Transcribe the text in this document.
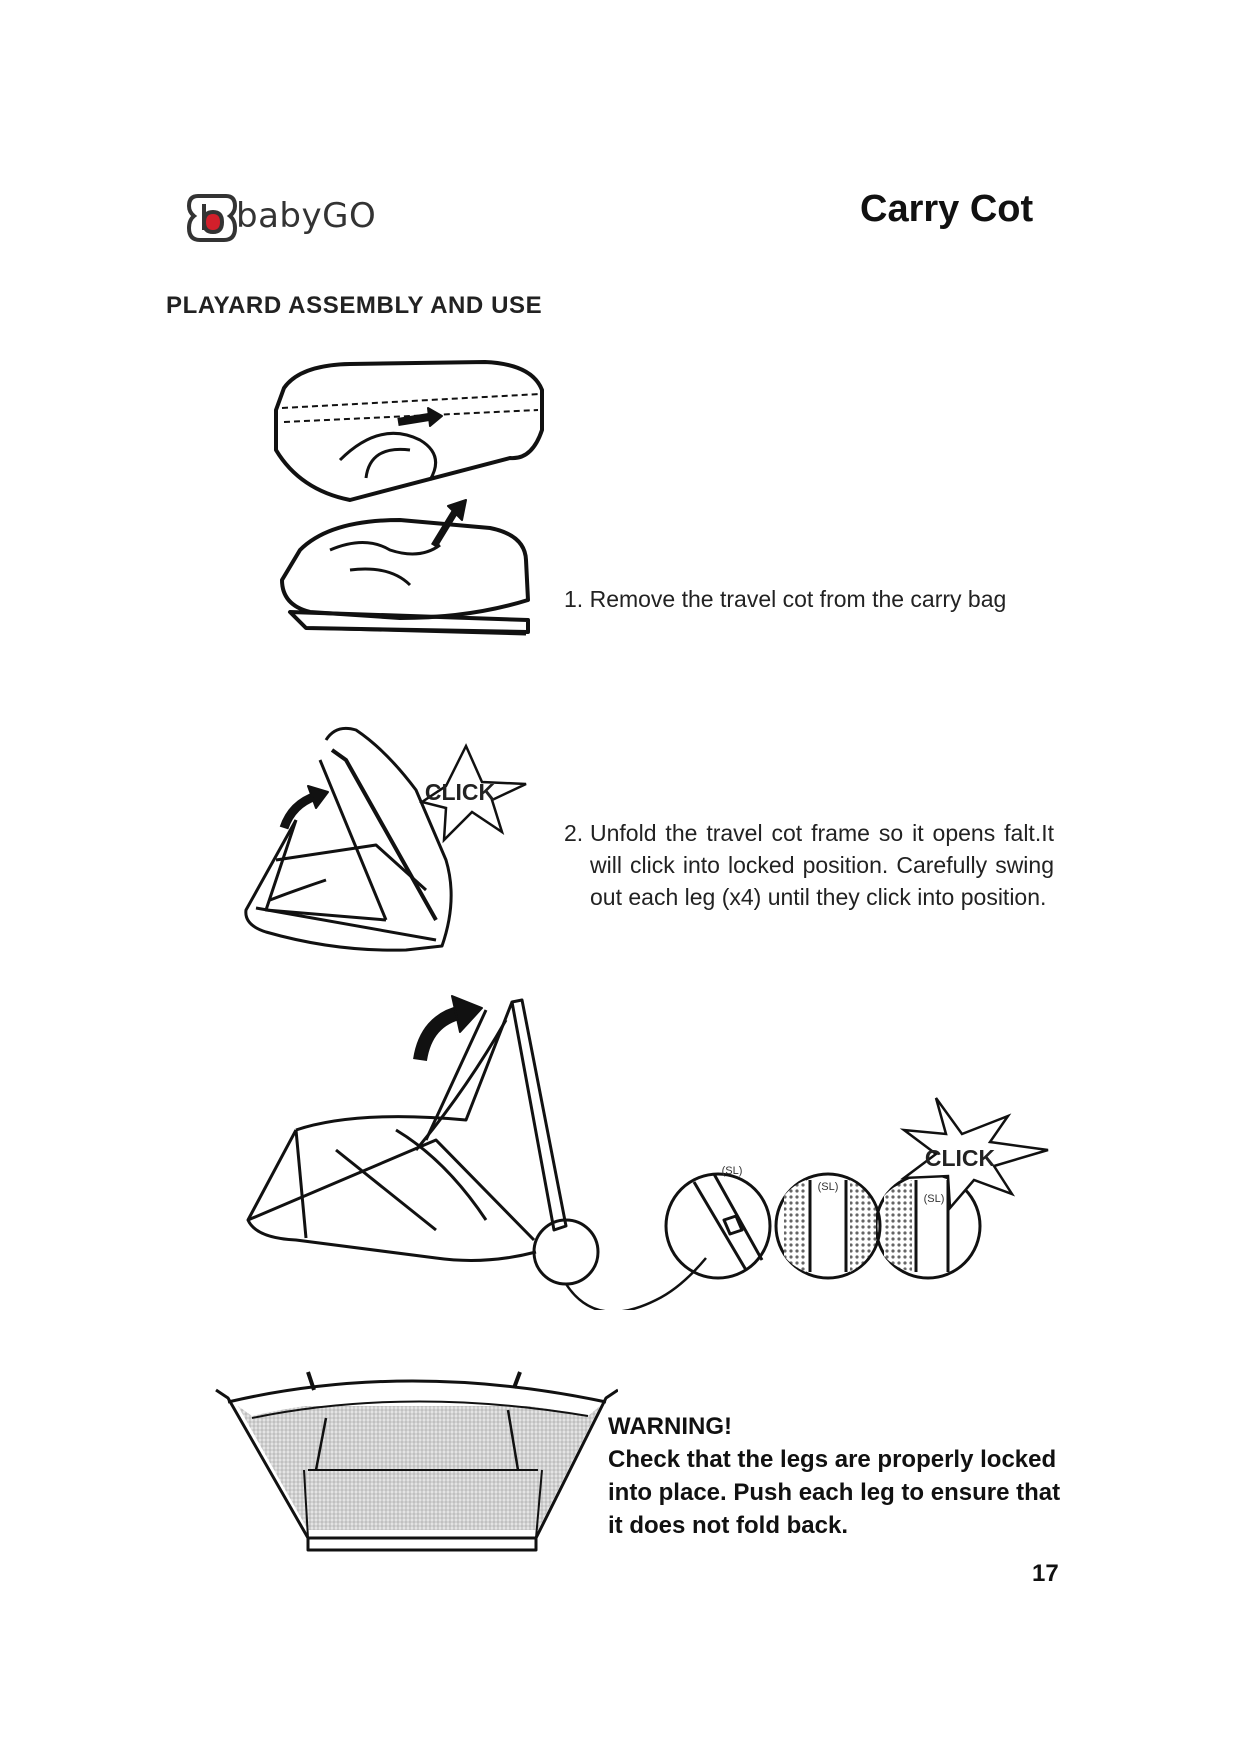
babyGO	Carry Cot
PLAYARD ASSEMBLY AND USE
1. Remove the travel cot from the carry bag
CLICK
2. Unfold the travel cot frame so it opens falt.It will click into locked position. Carefully swing out each leg (x4) until they click into position.
(SL)
(SL)
(SL)
CLICK
WARNING!
Check that the legs are properly locked into place. Push each leg to ensure that it does not fold back.
17
